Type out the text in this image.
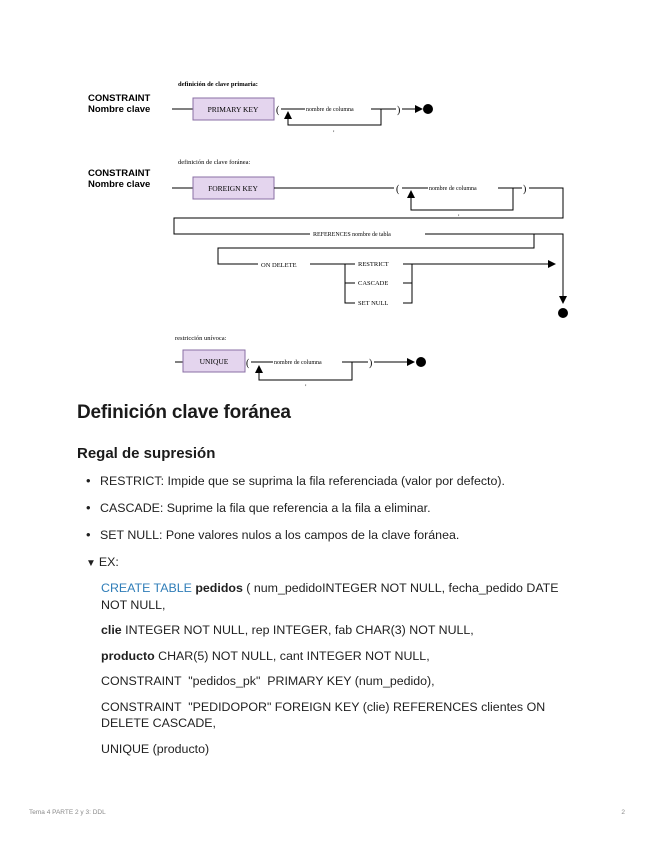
CONSTRAINT
Nombre clave
definición de clave primaria:
PRIMARY KEY (	nombre de columna
,
)
CONSTRAINT
Nombre clave
definición de clave foránea:
FOREIGN KEY	(	nombre de columna
,
)
REFERENCES nombre de tabla
ON DELETE	RESTRICT
CASCADE
SET NULL
restricción unívoca:
UNIQUE (	nombre de columna
,
)
Definición clave foránea
Regal de supresión
• RESTRICT: Impide que se suprima la fila referenciada (valor por defecto).
• CASCADE: Suprime la fila que referencia a la fila a eliminar.
• SET NULL: Pone valores nulos a los campos de la clave foránea.
▼ EX:

CREATE TABLE pedidos ( num_pedidoINTEGER NOT NULL, fecha_pedido DATE NOT NULL,

clie INTEGER NOT NULL, rep INTEGER, fab CHAR(3) NOT NULL,

producto CHAR(5) NOT NULL, cant INTEGER NOT NULL,

CONSTRAINT  "pedidos_pk"  PRIMARY KEY (num_pedido),

CONSTRAINT  "PEDIDOPOR" FOREIGN KEY (clie) REFERENCES clientes ON DELETE CASCADE,

UNIQUE (producto)

Tema 4 PARTE 2 y 3: DDL	2
